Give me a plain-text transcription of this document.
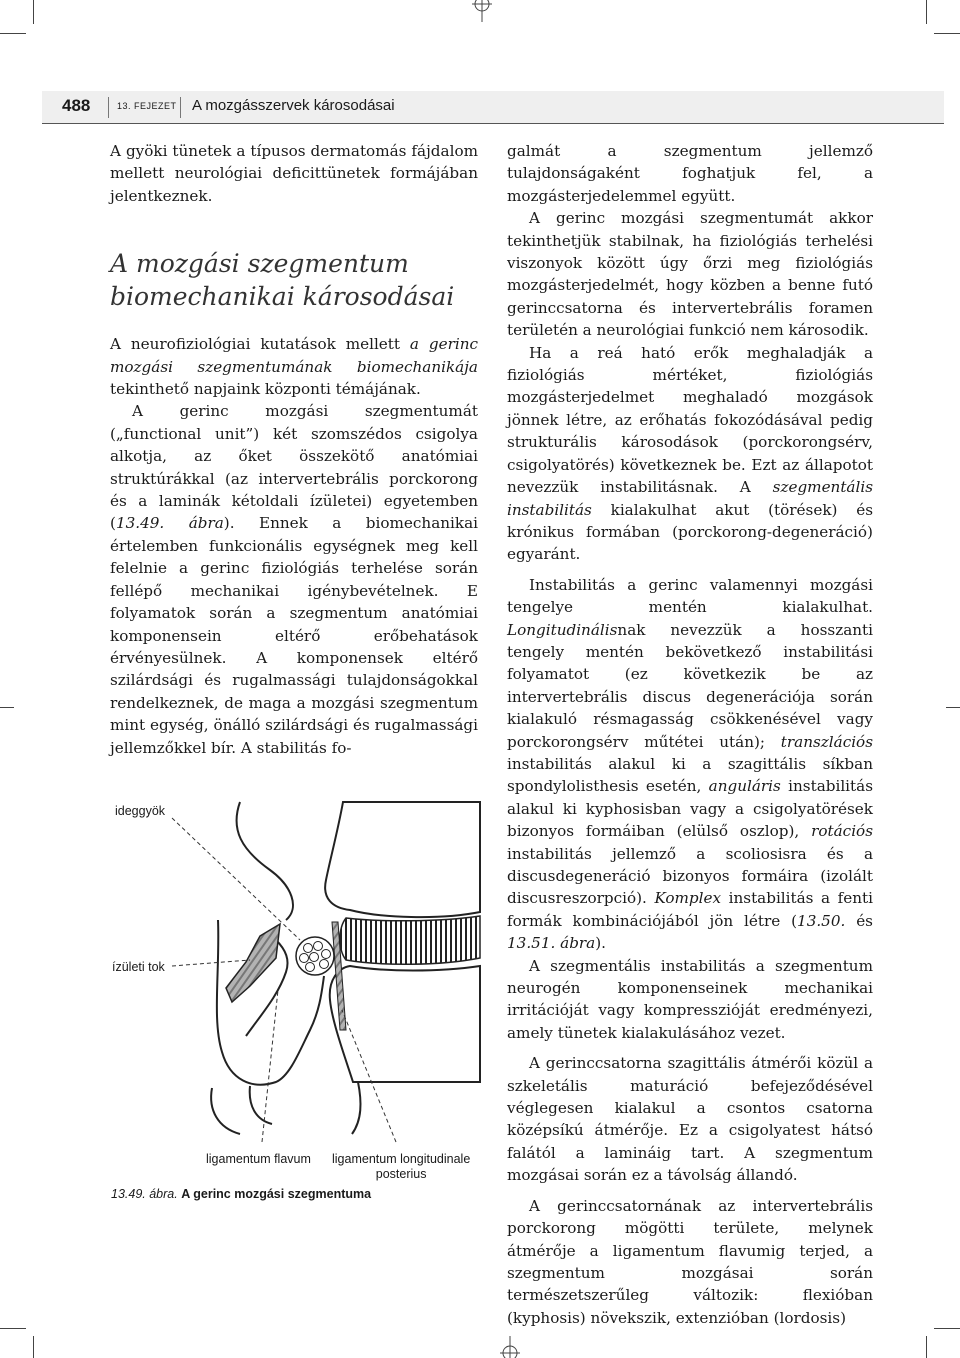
488	13. FEJEZET A mozgásszervek károsodásai

A gyöki tünetek a típusos dermatomás fájdalom mellett neurológiai deficittünetek formájában jelentkeznek.

A mozgási szegmentum
biomechanikai károsodásai

A neurofiziológiai kutatások mellett a gerinc mozgási szegmentumának biomechanikája tekinthető napjaink központi témájának.

A gerinc mozgási szegmentumát („functional unit”) két szomszédos csigolya alkotja, az őket összekötő anatómiai struktúrákkal (az intervertebrális porckorong és a laminák kétoldali ízületei) egyetemben (13.49. ábra). Ennek a biomechanikai értelemben funkcionális egységnek meg kell felelnie a gerinc fiziológiás terhelése során fellépő mechanikai igénybevételnek. E folyamatok során a szegmentum anatómiai komponensein eltérő erőbehatások érvényesülnek. A komponensek eltérő szilárdsági és rugalmassági tulajdonságokkal rendelkeznek, de maga a mozgási szegmentum mint egység, önálló szilárdsági és rugalmassági jellemzőkkel bír. A stabilitás fo-

ideggyök
ízületi tok
ligamentum flavum ligamentum longitudinale
posterius
13.49. ábra. A gerinc mozgási szegmentuma

galmát a szegmentum jellemző tulajdonságaként foghatjuk fel, a mozgásterjedelemmel együtt.

A gerinc mozgási szegmentumát akkor tekinthetjük stabilnak, ha fiziológiás terhelési viszonyok között úgy őrzi meg fiziológiás mozgásterjedelmét, hogy közben a benne futó gerinccsatorna és intervertebrális foramen területén a neurológiai funkció nem károsodik.

Ha a reá ható erők meghaladják a fiziológiás mértéket, fiziológiás mozgásterjedelmet meghaladó mozgások jönnek létre, az erőhatás fokozódásával pedig strukturális károsodások (porckorongsérv, csigolyatörés) következnek be. Ezt az állapotot nevezzük instabilitásnak. A szegmentális instabilitás kialakulhat akut (törések) és krónikus formában (porckorong-degeneráció) egyaránt.

Instabilitás a gerinc valamennyi mozgási tengelye mentén kialakulhat. Longitudinálisnak nevezzük a hosszanti tengely mentén bekövetkező instabilitási folyamatot (ez következik be az intervertebrális discus degenerációja során kialakuló résmagasság csökkenésével vagy porckorongsérv műtétei után); transzlációs instabilitás alakul ki a szagittális síkban spondylolisthesis esetén, anguláris instabilitás alakul ki kyphosisban vagy a csigolyatörések bizonyos formáiban (elülső oszlop), rotációs instabilitás jellemző a scoliosisra és a discusdegeneráció bizonyos formáira (izolált discusreszorpció). Komplex instabilitás a fenti formák kombinációjából jön létre (13.50. és 13.51. ábra).

A szegmentális instabilitás a szegmentum neurogén komponenseinek mechanikai irritációját vagy kompresszióját eredményezi, amely tünetek kialakulásához vezet.

A gerinccsatorna szagittális átmérői közül a szkeletális maturáció befejeződésével véglegesen kialakul a csontos csatorna középsíkú átmérője. Ez a csigolyatest hátsó falától a lamináig tart. A szegmentum mozgásai során ez a távolság állandó.

A gerinccsatornának az intervertebrális porckorong mögötti területe, melynek átmérője a ligamentum flavumig terjed, a szegmentum mozgásai során természetszerűleg változik: flexióban (kyphosis) növekszik, extenzióban (lordosis)
